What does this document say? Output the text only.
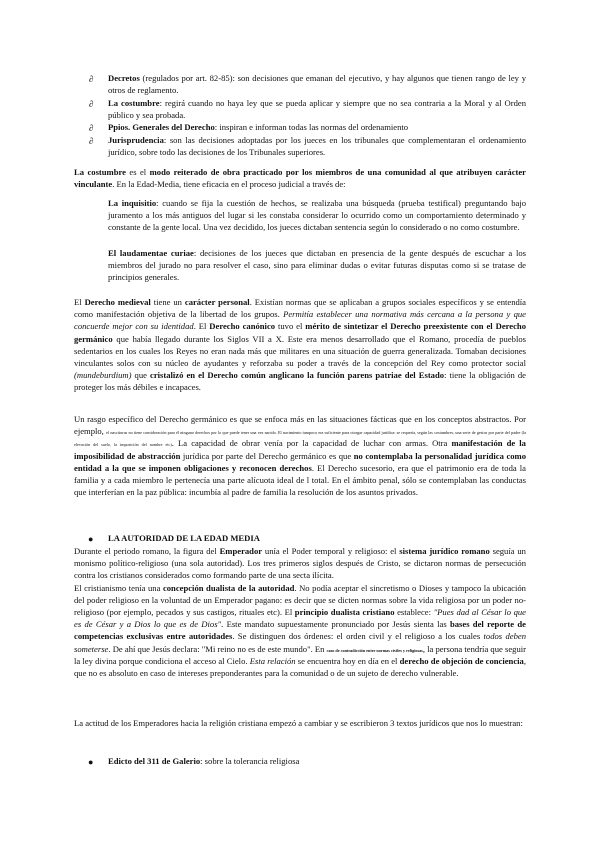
∂ Decretos (regulados por art. 82-85): son decisiones que emanan del ejecutivo, y hay algunos que tienen rango de ley y otros de reglamento.
∂ La costumbre: regirá cuando no haya ley que se pueda aplicar y siempre que no sea contraria a la Moral y al Orden público y sea probada.
∂ Ppios. Generales del Derecho: inspiran e informan todas las normas del ordenamiento
∂ Jurisprudencia: son las decisiones adoptadas por los jueces en los tribunales que complementaran el ordenamiento jurídico, sobre todo las decisiones de los Tribunales superiores.

La costumbre es el modo reiterado de obra practicado por los miembros de una comunidad al que atribuyen carácter vinculante. En la Edad-Media, tiene eficacia en el proceso judicial a través de:

La inquisitio: cuando se fija la cuestión de hechos, se realizaba una búsqueda (prueba testifical) preguntando bajo juramento a los más antiguos del lugar si les constaba considerar lo ocurrido como un comportamiento determinado y constante de la gente local. Una vez decidido, los jueces dictaban sentencia según lo considerado o no como costumbre.

El laudamentae curiae: decisiones de los jueces que dictaban en presencia de la gente después de escuchar a los miembros del jurado no para resolver el caso, sino para eliminar dudas o evitar futuras disputas como si se tratase de principios generales.

El Derecho medieval tiene un carácter personal. Existían normas que se aplicaban a grupos sociales específicos y se entendía como manifestación objetiva de la libertad de los grupos. Permitía establecer una normativa más cercana a la persona y que concuerde mejor con su identidad. El Derecho canónico tuvo el mérito de sintetizar el Derecho preexistente con el Derecho germánico que había llegado durante los Siglos VII a X. Este era menos desarrollado que el Romano, procedía de pueblos sedentarios en los cuales los Reyes no eran nada más que militares en una situación de guerra generalizada. Tomaban decisiones vinculantes solos con su núcleo de ayudantes y reforzaba su poder a través de la concepción del Rey como protector social (mundeburdium) que cristalizó en el Derecho común anglicano la función parens patriae del Estado: tiene la obligación de proteger los más débiles e incapaces.

Un rasgo específico del Derecho germánico es que se enfoca más en las situaciones fácticas que en los conceptos abstractos. Por ejemplo, el nasciturus no tiene consideración para él ninguno derechos por lo que puede tener una vez nacido. El nacimiento tampoco era suficiente para otorgar capacidad jurídica: se requería, según las costumbres, una serie de gestos por parte del padre (la elevación del suelo, la imposición del nombre etc). La capacidad de obrar venía por la capacidad de luchar con armas. Otra manifestación de la imposibilidad de abstracción jurídica por parte del Derecho germánico es que no contemplaba la personalidad jurídica como entidad a la que se imponen obligaciones y reconocen derechos. El Derecho sucesorio, era que el patrimonio era de toda la familia y a cada miembro le pertenecía una parte alícuota ideal de l total. En el ámbito penal, sólo se contemplaban las conductas que interferían en la paz pública: incumbía al padre de familia la resolución de los asuntos privados.

● LA AUTORIDAD DE LA EDAD MEDIA

Durante el periodo romano, la figura del Emperador unía el Poder temporal y religioso: el sistema jurídico romano seguía un monismo político-religioso (una sola autoridad). Los tres primeros siglos después de Cristo, se dictaron normas de persecución contra los cristianos considerados como formando parte de una secta ilícita.
El cristianismo tenía una concepción dualista de la autoridad. No podía aceptar el sincretismo o Dioses y tampoco la ubicación del poder religioso en la voluntad de un Emperador pagano: es decir que se dicten normas sobre la vida religiosa por un poder no-religioso (por ejemplo, pecados y sus castigos, rituales etc). El principio dualista cristiano establece: "Pues dad al César lo que es de César y a Dios lo que es de Dios". Este mandato supuestamente pronunciado por Jesús sienta las bases del reporte de competencias exclusivas entre autoridades. Se distinguen dos órdenes: el orden civil y el religioso a los cuales todos deben someterse. De ahí que Jesús declara: "Mi reino no es de este mundo". En caso de contradicción entre normas civiles y religiosas, la persona tendría que seguir la ley divina porque condiciona el acceso al Cielo. Esta relación se encuentra hoy en día en el derecho de objeción de conciencia, que no es absoluto en caso de intereses preponderantes para la comunidad o de un sujeto de derecho vulnerable.

La actitud de los Emperadores hacia la religión cristiana empezó a cambiar y se escribieron 3 textos jurídicos que nos lo muestran:

● Edicto del 311 de Galerio: sobre la tolerancia religiosa
